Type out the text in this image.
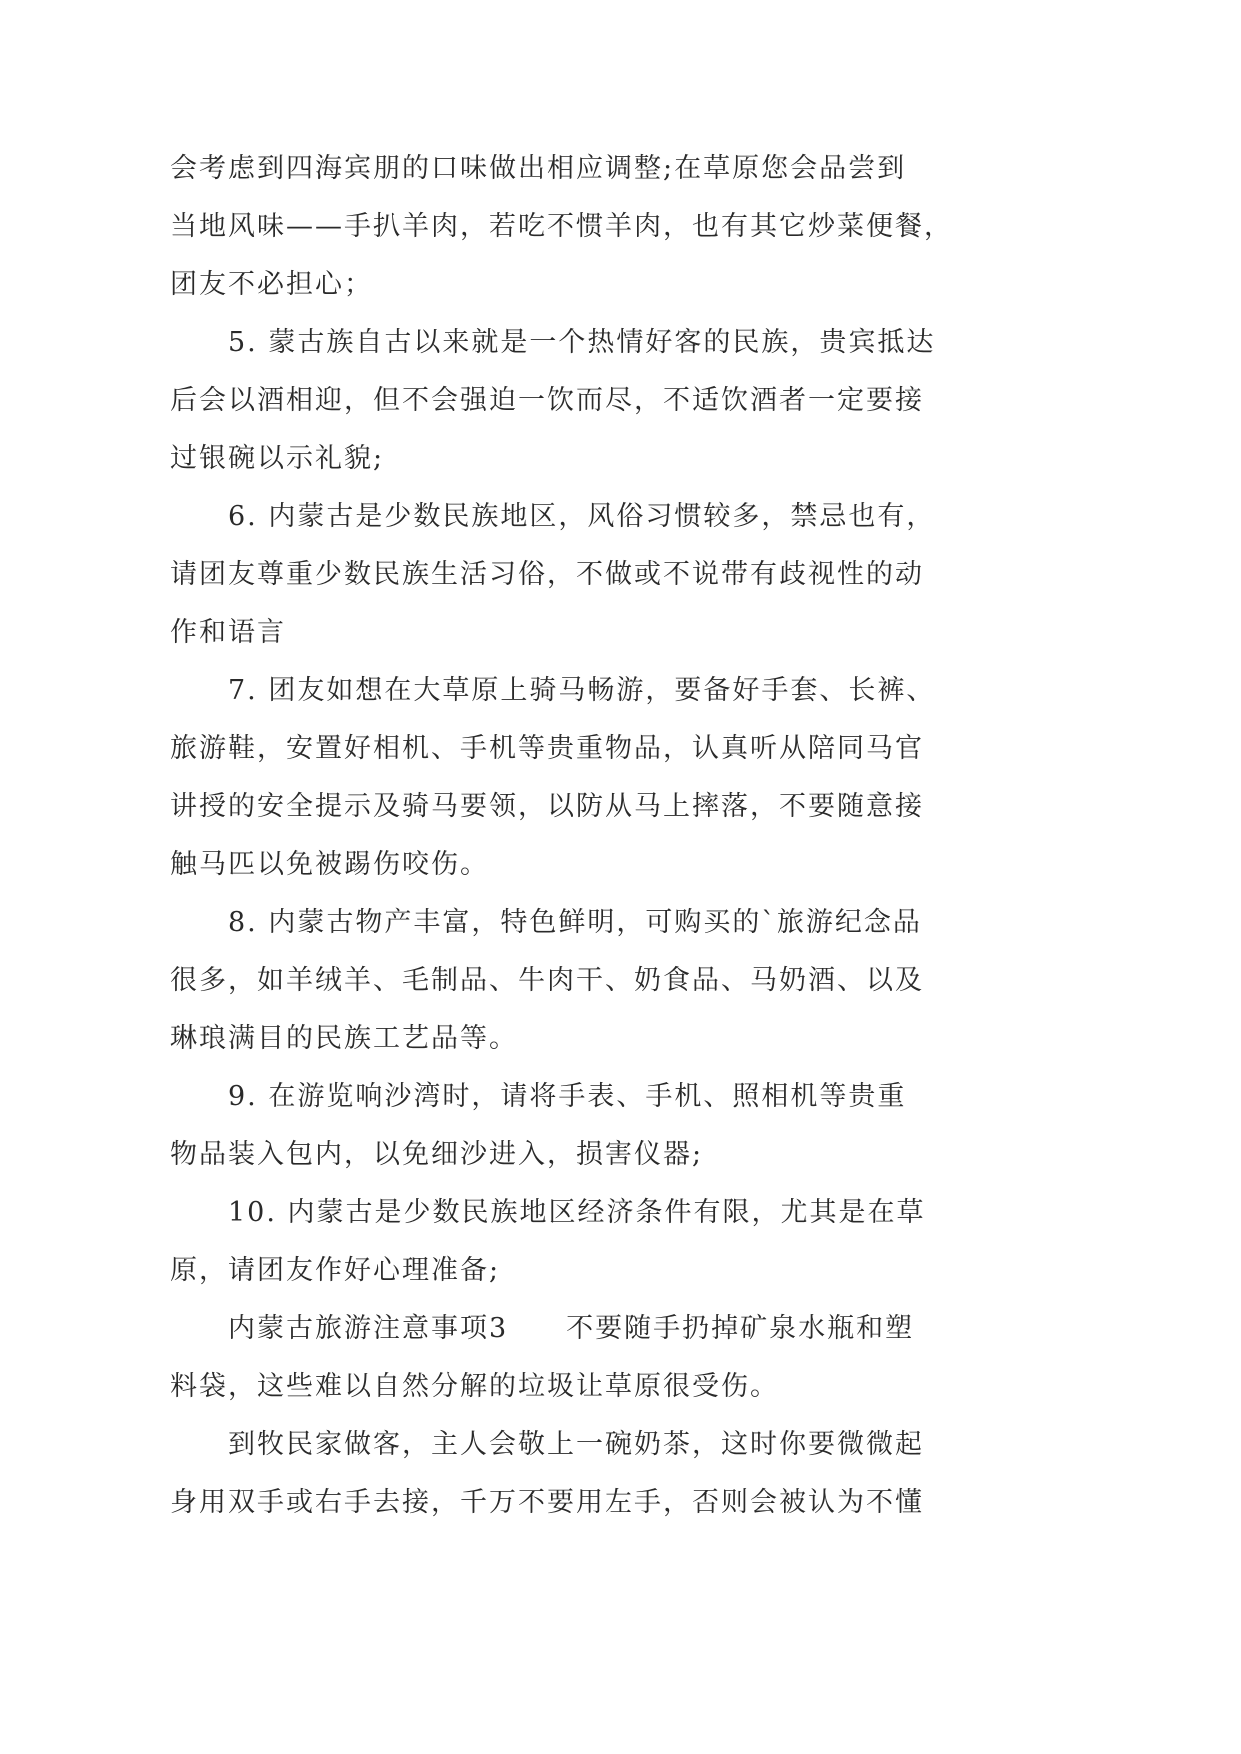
会考虑到四海宾朋的口味做出相应调整;在草原您会品尝到
当地风味——手扒羊肉，若吃不惯羊肉，也有其它炒菜便餐，
团友不必担心；
5. 蒙古族自古以来就是一个热情好客的民族，贵宾抵达
后会以酒相迎，但不会强迫一饮而尽，不适饮酒者一定要接
过银碗以示礼貌;
6. 内蒙古是少数民族地区，风俗习惯较多，禁忌也有，
请团友尊重少数民族生活习俗，不做或不说带有歧视性的动
作和语言
7. 团友如想在大草原上骑马畅游，要备好手套、长裤、
旅游鞋，安置好相机、手机等贵重物品，认真听从陪同马官
讲授的安全提示及骑马要领，以防从马上摔落，不要随意接
触马匹以免被踢伤咬伤。
8. 内蒙古物产丰富，特色鲜明，可购买的`旅游纪念品
很多，如羊绒羊、毛制品、牛肉干、奶食品、马奶酒、以及
琳琅满目的民族工艺品等。
9. 在游览响沙湾时，请将手表、手机、照相机等贵重
物品装入包内，以免细沙进入，损害仪器;
10. 内蒙古是少数民族地区经济条件有限，尤其是在草
原，请团友作好心理准备;
内蒙古旅游注意事项3　　不要随手扔掉矿泉水瓶和塑
料袋，这些难以自然分解的垃圾让草原很受伤。
到牧民家做客，主人会敬上一碗奶茶，这时你要微微起
身用双手或右手去接，千万不要用左手，否则会被认为不懂
